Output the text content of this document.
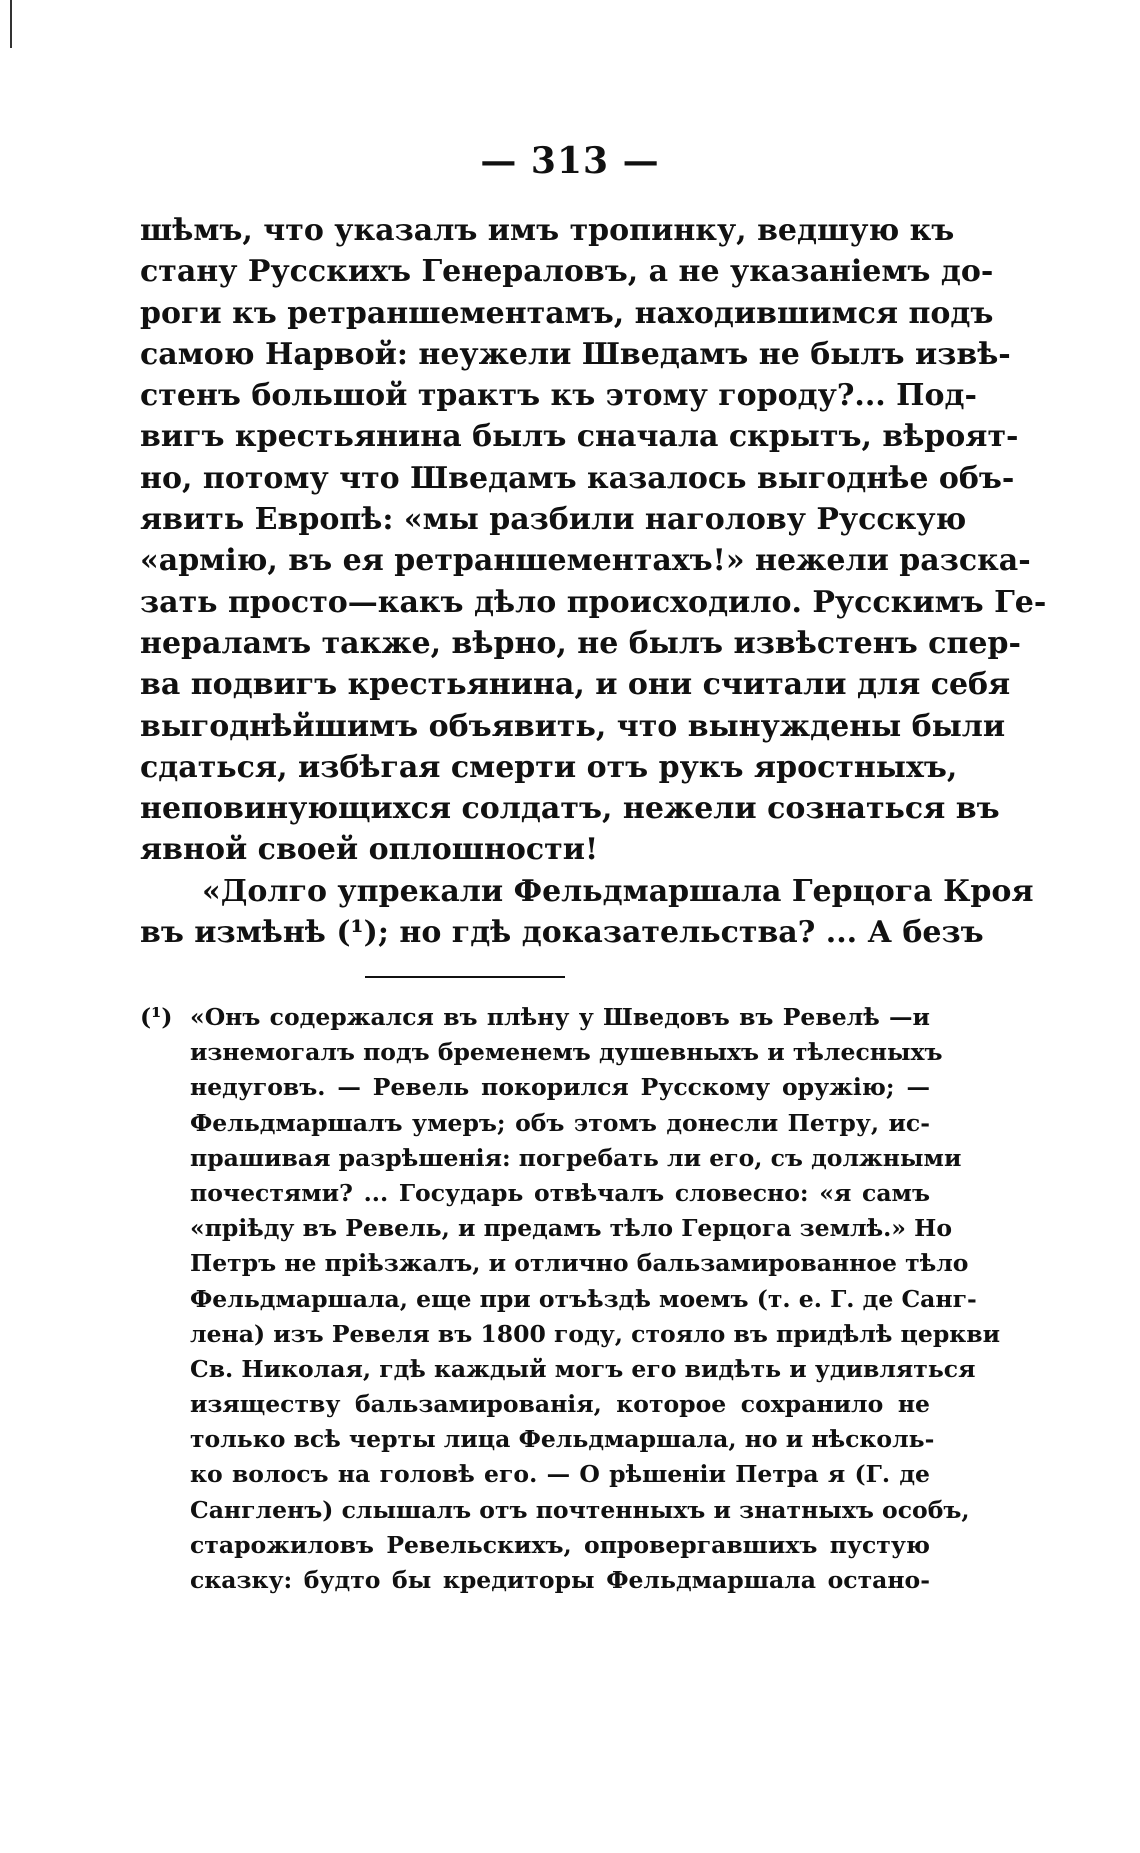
— 313 —
шѣмъ, что указалъ имъ тропинку, ведшую къ
стану Русскихъ Генераловъ, а не указаніемъ до-
роги къ ретраншементамъ, находившимся подъ
самою Нарвой: неужели Шведамъ не былъ извѣ-
стенъ большой трактъ къ этому городу?... Под-
вигъ крестьянина былъ сначала скрытъ, вѣроят-
но, потому что Шведамъ казалось выгоднѣе объ-
явить Европѣ: «мы разбили наголову Русскую
«армію, въ ея ретраншементахъ!» нежели разска-
зать просто—какъ дѣло происходило. Русскимъ Ге-
нераламъ также, вѣрно, не былъ извѣстенъ спер-
ва подвигъ крестьянина, и они считали для себя
выгоднѣйшимъ объявить, что вынуждены были
сдаться, избѣгая смерти отъ рукъ яростныхъ,
неповинующихся солдатъ, нежели сознаться въ
явной своей оплошности!
«Долго упрекали Фельдмаршала Герцога Кроя
въ измѣнѣ (¹); но гдѣ доказательства? ... А безъ
(¹) «Онъ содержался въ плѣну у Шведовъ въ Ревелѣ —и
изнемогалъ подъ бременемъ душевныхъ и тѣлесныхъ
недуговъ. — Ревель покорился Русскому оружію; —
Фельдмаршалъ умеръ; объ этомъ донесли Петру, ис-
прашивая разрѣшенія: погребать ли его, съ должными
почестями? ... Государь отвѣчалъ словесно: «я самъ
«пріѣду въ Ревель, и предамъ тѣло Герцога землѣ.» Но
Петръ не пріѣзжалъ, и отлично бальзамированное тѣло
Фельдмаршала, еще при отъѣздѣ моемъ (т. е. Г. де Санг-
лена) изъ Ревеля въ 1800 году, стояло въ придѣлѣ церкви
Св. Николая, гдѣ каждый могъ его видѣть и удивляться
изяществу бальзамированія, которое сохранило не
только всѣ черты лица Фельдмаршала, но и нѣсколь-
ко волосъ на головѣ его. — О рѣшеніи Петра я (Г. де
Сангленъ) слышалъ отъ почтенныхъ и знатныхъ особъ,
старожиловъ Ревельскихъ, опровергавшихъ пустую
сказку: будто бы кредиторы Фельдмаршала остано-
